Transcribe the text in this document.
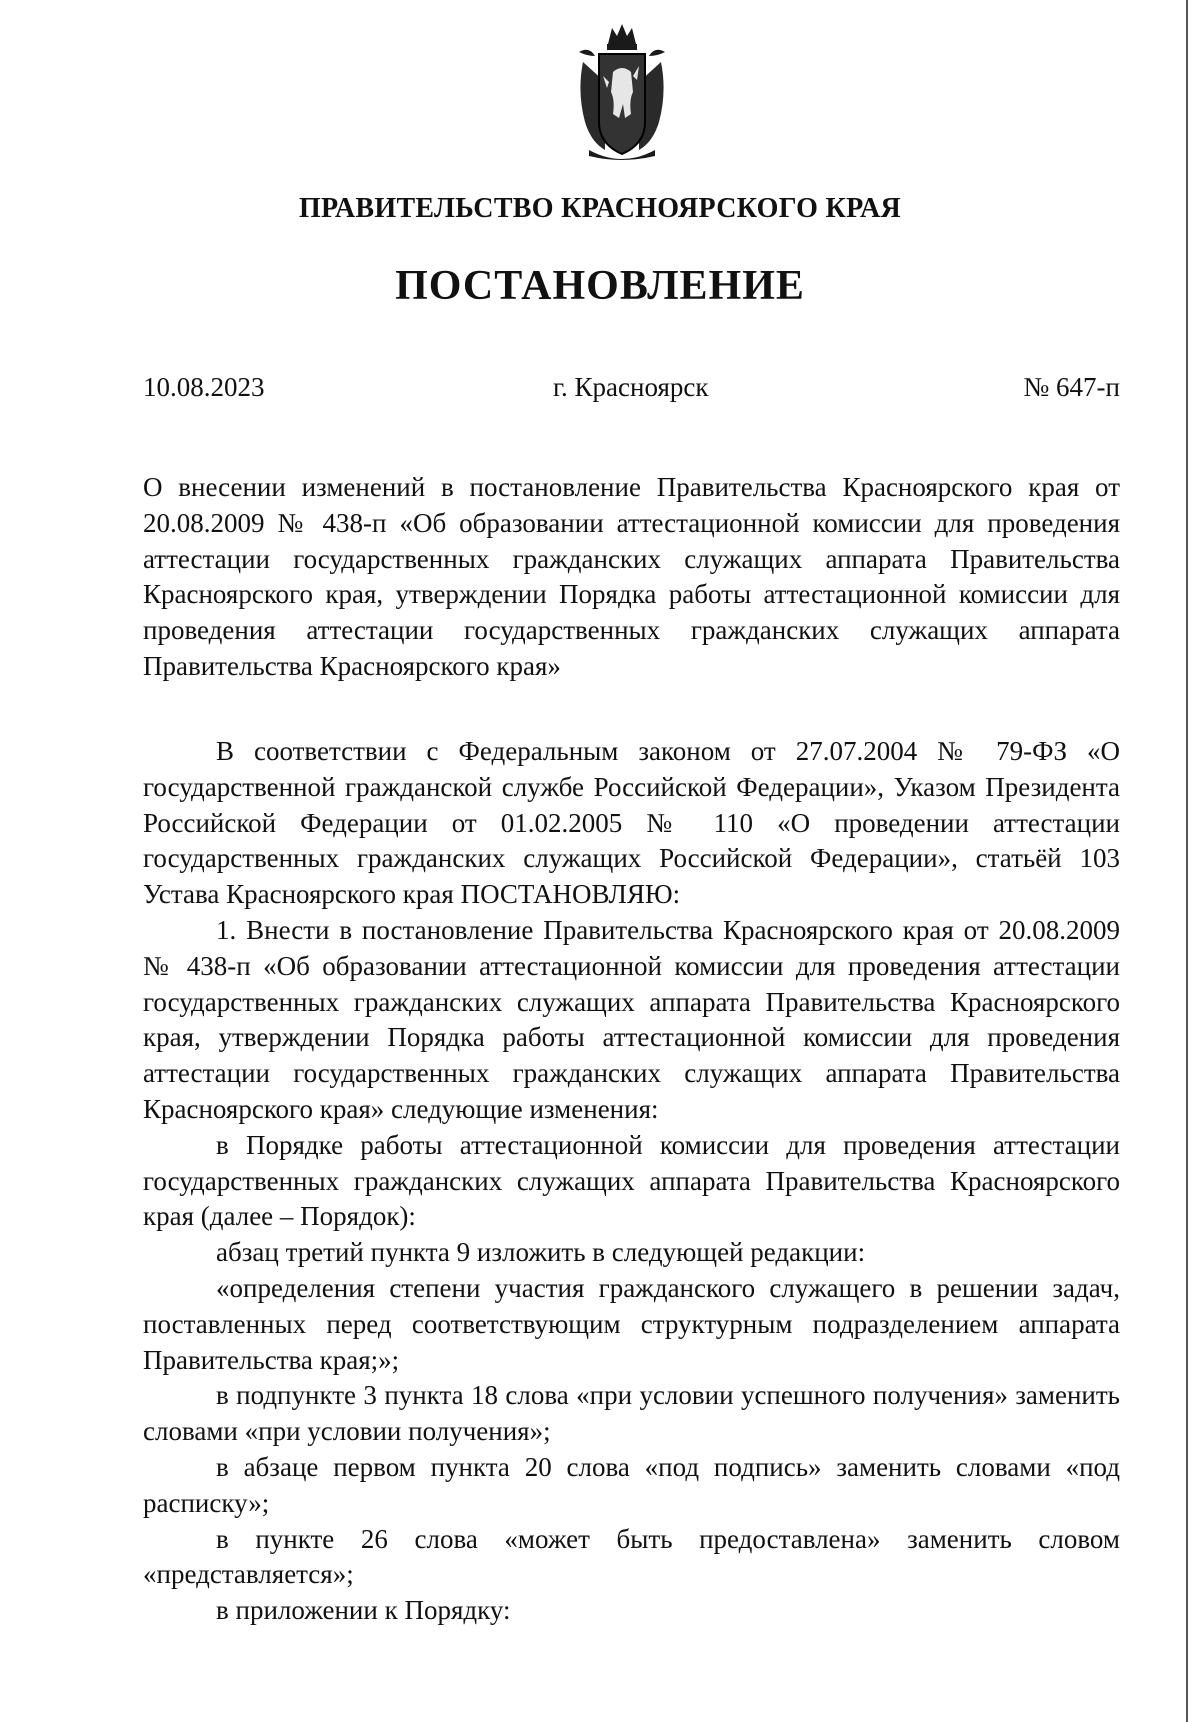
ПРАВИТЕЛЬСТВО КРАСНОЯРСКОГО КРАЯ
ПОСТАНОВЛЕНИЕ
10.08.2023	г. Красноярск	№ 647-п

О внесении изменений в постановление Правительства Красноярского края от 20.08.2009 № 438-п «Об образовании аттестационной комиссии для проведения аттестации государственных гражданских служащих аппарата Правительства Красноярского края, утверждении Порядка работы аттестационной комиссии для проведения аттестации государственных гражданских служащих аппарата Правительства Красноярского края»

В соответствии с Федеральным законом от 27.07.2004 № 79-ФЗ «О государственной гражданской службе Российской Федерации», Указом Президента Российской Федерации от 01.02.2005 № 110 «О проведении аттестации государственных гражданских служащих Российской Федерации», статьёй 103 Устава Красноярского края ПОСТАНОВЛЯЮ:

1. Внести в постановление Правительства Красноярского края от 20.08.2009 № 438-п «Об образовании аттестационной комиссии для проведения аттестации государственных гражданских служащих аппарата Правительства Красноярского края, утверждении Порядка работы аттестационной комиссии для проведения аттестации государственных гражданских служащих аппарата Правительства Красноярского края» следующие изменения:

в Порядке работы аттестационной комиссии для проведения аттестации государственных гражданских служащих аппарата Правительства Красноярского края (далее – Порядок):

абзац третий пункта 9 изложить в следующей редакции:

«определения степени участия гражданского служащего в решении задач, поставленных перед соответствующим структурным подразделением аппарата Правительства края;»;

в подпункте 3 пункта 18 слова «при условии успешного получения» заменить словами «при условии получения»;

в абзаце первом пункта 20 слова «под подпись» заменить словами «под расписку»;

в пункте 26 слова «может быть предоставлена» заменить словом «представляется»;

в приложении к Порядку:
